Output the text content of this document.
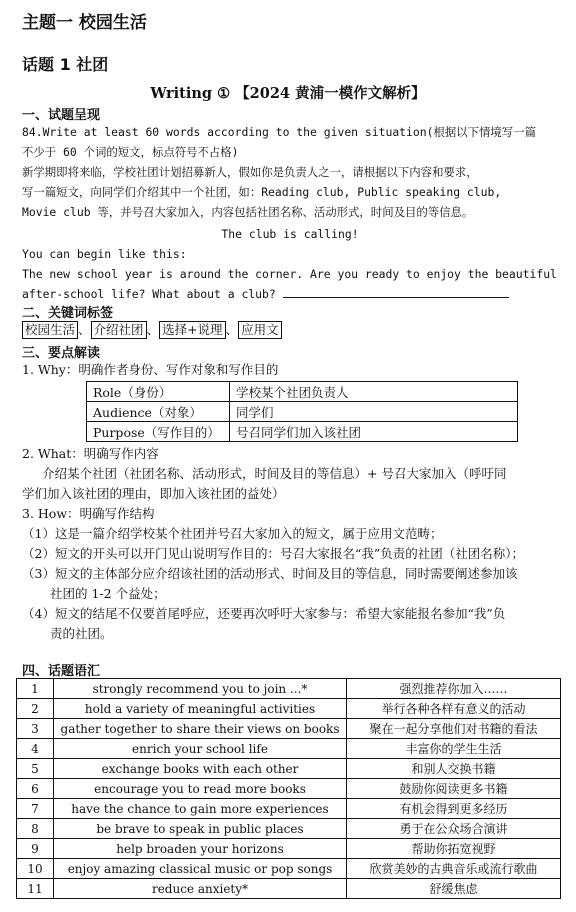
主题一 校园生活
话题 1 社团
Writing ① 【2024 黄浦一模作文解析】
一、试题呈现
84.Write at least 60 words according to the given situation(根据以下情境写一篇
不少于 60 个词的短文，标点符号不占格)
新学期即将来临，学校社团计划招募新人，假如你是负责人之一，请根据以下内容和要求，
写一篇短文，向同学们介绍其中一个社团，如：Reading club, Public speaking club,
Movie club 等，并号召大家加入，内容包括社团名称、活动形式，时间及目的等信息。
The club is calling!
You can begin like this:
The new school year is around the corner. Are you ready to enjoy the beautiful
after-school life? What about a club?
二、关键词标签
校园生活 、 介绍社团 、 选择+说理 、 应用文
三、要点解读
1. Why：明确作者身份、写作对象和写作目的
Role（身份）	学校某个社团负责人
Audience（对象）	同学们
Purpose（写作目的）	号召同学们加入该社团
2. What：明确写作内容
介绍某个社团（社团名称、活动形式，时间及目的等信息）+ 号召大家加入（呼吁同
学们加入该社团的理由，即加入该社团的益处）
3. How：明确写作结构
（1）这是一篇介绍学校某个社团并号召大家加入的短文，属于应用文范畴；
（2）短文的开头可以开门见山说明写作目的：号召大家报名“我”负责的社团（社团名称）；
（3）短文的主体部分应介绍该社团的活动形式、时间及目的等信息，同时需要阐述参加该
社团的 1-2 个益处；
（4）短文的结尾不仅要首尾呼应，还要再次呼吁大家参与：希望大家能报名参加“我”负
责的社团。
四、话题语汇
1	strongly recommend you to join ...*	强烈推荐你加入……
2	hold a variety of meaningful activities	举行各种各样有意义的活动
3	gather together to share their views on books	聚在一起分享他们对书籍的看法
4	enrich your school life	丰富你的学生生活
5	exchange books with each other	和别人交换书籍
6	encourage you to read more books	鼓励你阅读更多书籍
7	have the chance to gain more experiences	有机会得到更多经历
8	be brave to speak in public places	勇于在公众场合演讲
9	help broaden your horizons	帮助你拓宽视野
10	enjoy amazing classical music or pop songs	欣赏美妙的古典音乐或流行歌曲
11	reduce anxiety*	舒缓焦虑
